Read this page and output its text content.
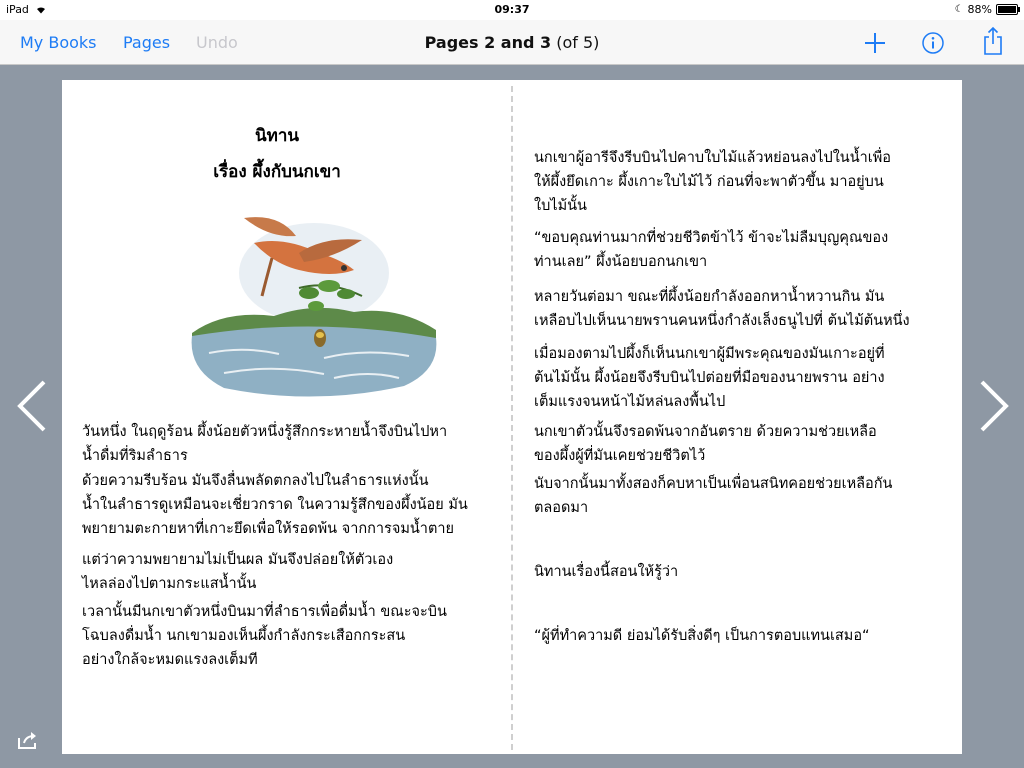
iPad	09:37	☾ 88%
My Books Pages Undo	Pages 2 and 3 (of 5)
นิทาน
เรื่อง ผึ้งกับนกเขา

วันหนึ่ง ในฤดูร้อน ผึ้งน้อยตัวหนึ่งรู้สึกกระหายน้ำจึงบินไปหา
น้ำดื่มที่ริมลำธาร

ด้วยความรีบร้อน มันจึงลื่นพลัดตกลงไปในลำธารแห่งนั้น
น้ำในลำธารดูเหมือนจะเชี่ยวกราด ในความรู้สึกของผึ้งน้อย มัน
พยายามตะกายหาที่เกาะยึดเพื่อให้รอดพ้น จากการจมน้ำตาย

แต่ว่าความพยายามไม่เป็นผล มันจึงปล่อยให้ตัวเอง
ไหลล่องไปตามกระแสน้ำนั้น

เวลานั้นมีนกเขาตัวหนึ่งบินมาที่ลำธารเพื่อดื่มน้ำ ขณะจะบิน
โฉบลงดื่มน้ำ นกเขามองเห็นผึ้งกำลังกระเสือกกระสน
อย่างใกล้จะหมดแรงลงเต็มที

นกเขาผู้อารีจึงรีบบินไปคาบใบไม้แล้วหย่อนลงไปในน้ำเพื่อ
ให้ผึ้งยึดเกาะ ผึ้งเกาะใบไม้ไว้ ก่อนที่จะพาตัวขึ้น มาอยู่บน
ใบไม้นั้น

“ขอบคุณท่านมากที่ช่วยชีวิตข้าไว้ ข้าจะไม่ลืมบุญคุณของ
ท่านเลย” ผึ้งน้อยบอกนกเขา

หลายวันต่อมา ขณะที่ผึ้งน้อยกำลังออกหาน้ำหวานกิน มัน
เหลือบไปเห็นนายพรานคนหนึ่งกำลังเล็งธนูไปที่ ต้นไม้ต้นหนึ่ง

เมื่อมองตามไปผึ้งก็เห็นนกเขาผู้มีพระคุณของมันเกาะอยู่ที่
ต้นไม้นั้น ผึ้งน้อยจึงรีบบินไปต่อยที่มือของนายพราน อย่าง
เต็มแรงจนหน้าไม้หล่นลงพื้นไป

นกเขาตัวนั้นจึงรอดพ้นจากอันตราย ด้วยความช่วยเหลือ
ของผึ้งผู้ที่มันเคยช่วยชีวิตไว้

นับจากนั้นมาทั้งสองก็คบหาเป็นเพื่อนสนิทคอยช่วยเหลือกัน
ตลอดมา

นิทานเรื่องนี้สอนให้รู้ว่า

“ผู้ที่ทำความดี ย่อมได้รับสิ่งดีๆ เป็นการตอบแทนเสมอ“
